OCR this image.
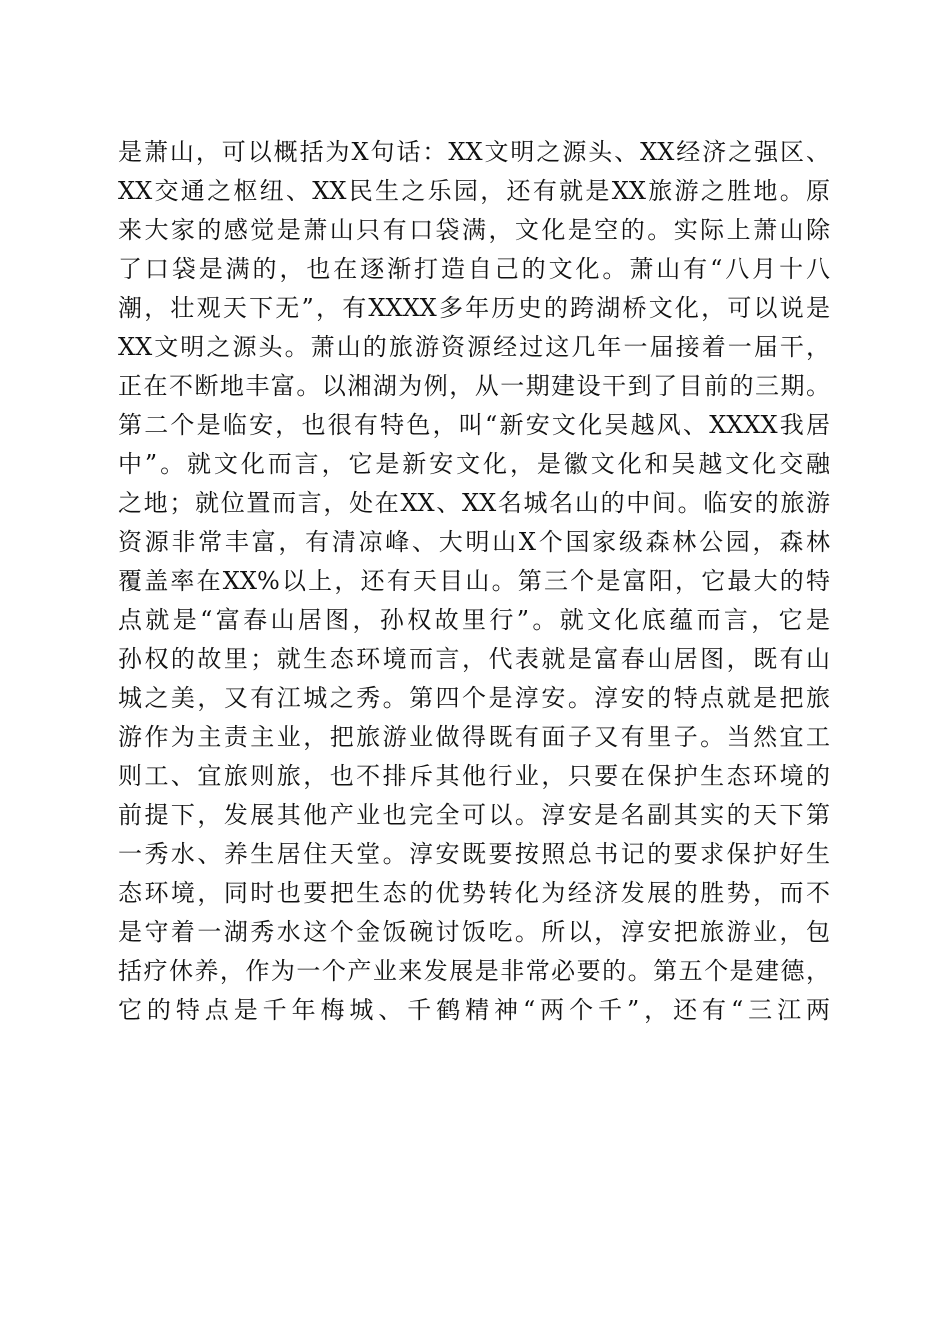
是萧山，可以概括为X句话：XX文明之源头、XX经济之强区、
XX交通之枢纽、XX民生之乐园，还有就是XX旅游之胜地。原
来大家的感觉是萧山只有口袋满，文化是空的。实际上萧山除
了口袋是满的，也在逐渐打造自己的文化。萧山有“八月十八
潮，壮观天下无”，有XXXX多年历史的跨湖桥文化，可以说是
XX文明之源头。萧山的旅游资源经过这几年一届接着一届干，
正在不断地丰富。以湘湖为例，从一期建设干到了目前的三期。
第二个是临安，也很有特色，叫“新安文化吴越风、XXXX我居
中”。就文化而言，它是新安文化，是徽文化和吴越文化交融
之地；就位置而言，处在XX、XX名城名山的中间。临安的旅游
资源非常丰富，有清凉峰、大明山X个国家级森林公园，森林
覆盖率在XX%以上，还有天目山。第三个是富阳，它最大的特
点就是“富春山居图，孙权故里行”。就文化底蕴而言，它是
孙权的故里；就生态环境而言，代表就是富春山居图，既有山
城之美，又有江城之秀。第四个是淳安。淳安的特点就是把旅
游作为主责主业，把旅游业做得既有面子又有里子。当然宜工
则工、宜旅则旅，也不排斥其他行业，只要在保护生态环境的
前提下，发展其他产业也完全可以。淳安是名副其实的天下第
一秀水、养生居住天堂。淳安既要按照总书记的要求保护好生
态环境，同时也要把生态的优势转化为经济发展的胜势，而不
是守着一湖秀水这个金饭碗讨饭吃。所以，淳安把旅游业，包
括疗休养，作为一个产业来发展是非常必要的。第五个是建德，
它的特点是千年梅城、千鹤精神“两个千”，还有“三江两
